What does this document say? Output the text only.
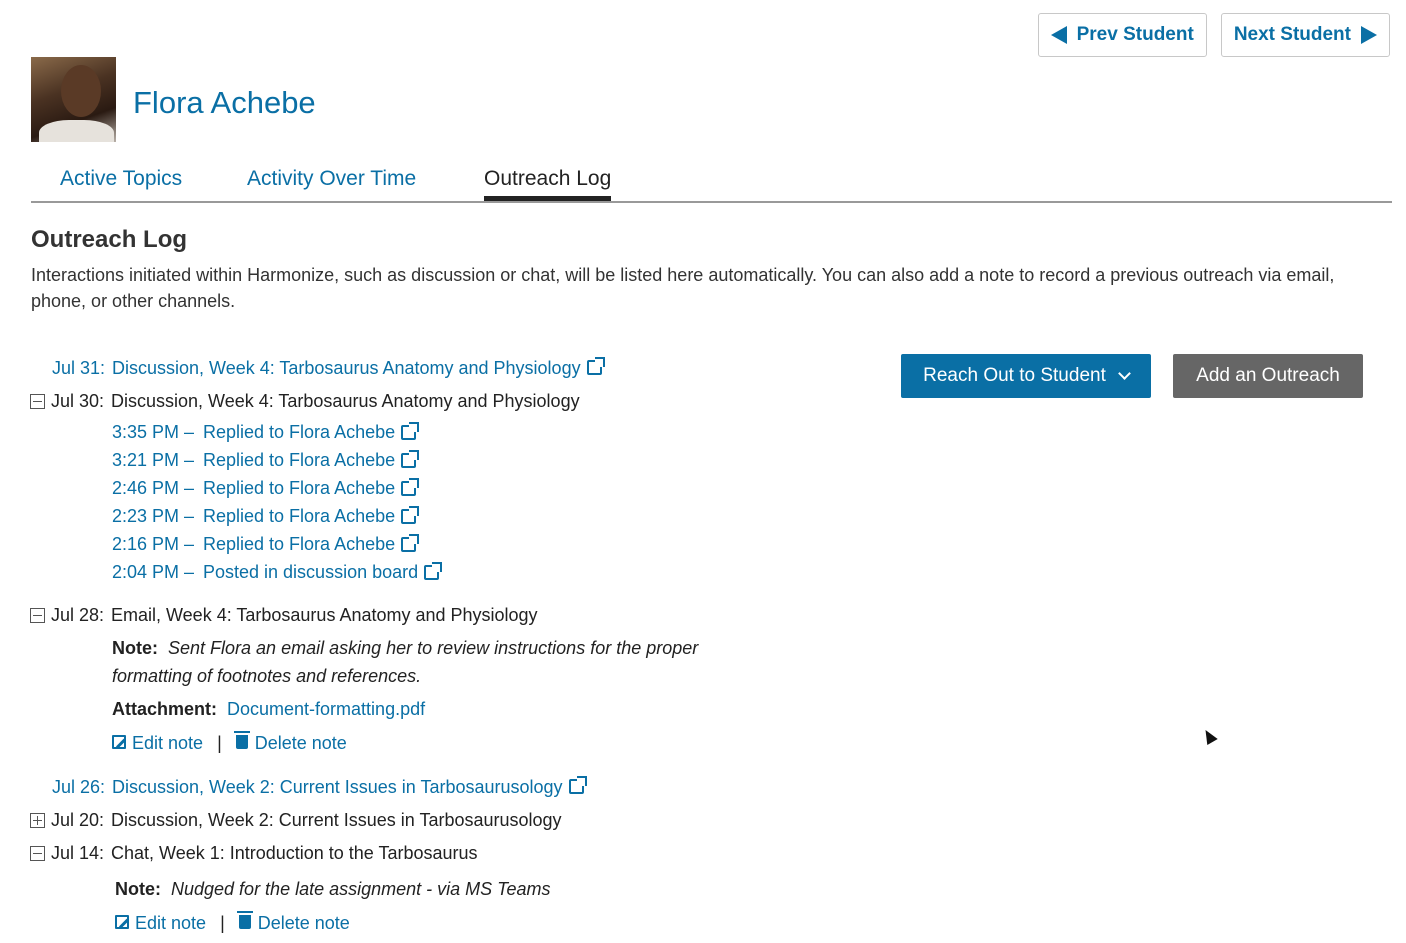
Prev Student Next Student
Flora Achebe
Active Topics	Activity Over Time	Outreach Log
Outreach Log
Interactions initiated within Harmonize, such as discussion or chat, will be listed here automatically. You can also add a note to record a previous outreach via email, phone, or other channels.
Reach Out to Student	Add an Outreach
Jul 31: Discussion, Week 4: Tarbosaurus Anatomy and Physiology
Jul 30: Discussion, Week 4: Tarbosaurus Anatomy and Physiology
3:35 PM – Replied to Flora Achebe
3:21 PM – Replied to Flora Achebe
2:46 PM – Replied to Flora Achebe
2:23 PM – Replied to Flora Achebe
2:16 PM – Replied to Flora Achebe
2:04 PM – Posted in discussion board
Jul 28: Email, Week 4: Tarbosaurus Anatomy and Physiology
Note: Sent Flora an email asking her to review instructions for the proper
formatting of footnotes and references.
Attachment: Document-formatting.pdf
Edit note |	Delete note
Jul 26: Discussion, Week 2: Current Issues in Tarbosaurusology
Jul 20: Discussion, Week 2: Current Issues in Tarbosaurusology
Jul 14: Chat, Week 1: Introduction to the Tarbosaurus
Note: Nudged for the late assignment - via MS Teams
Edit note |	Delete note
